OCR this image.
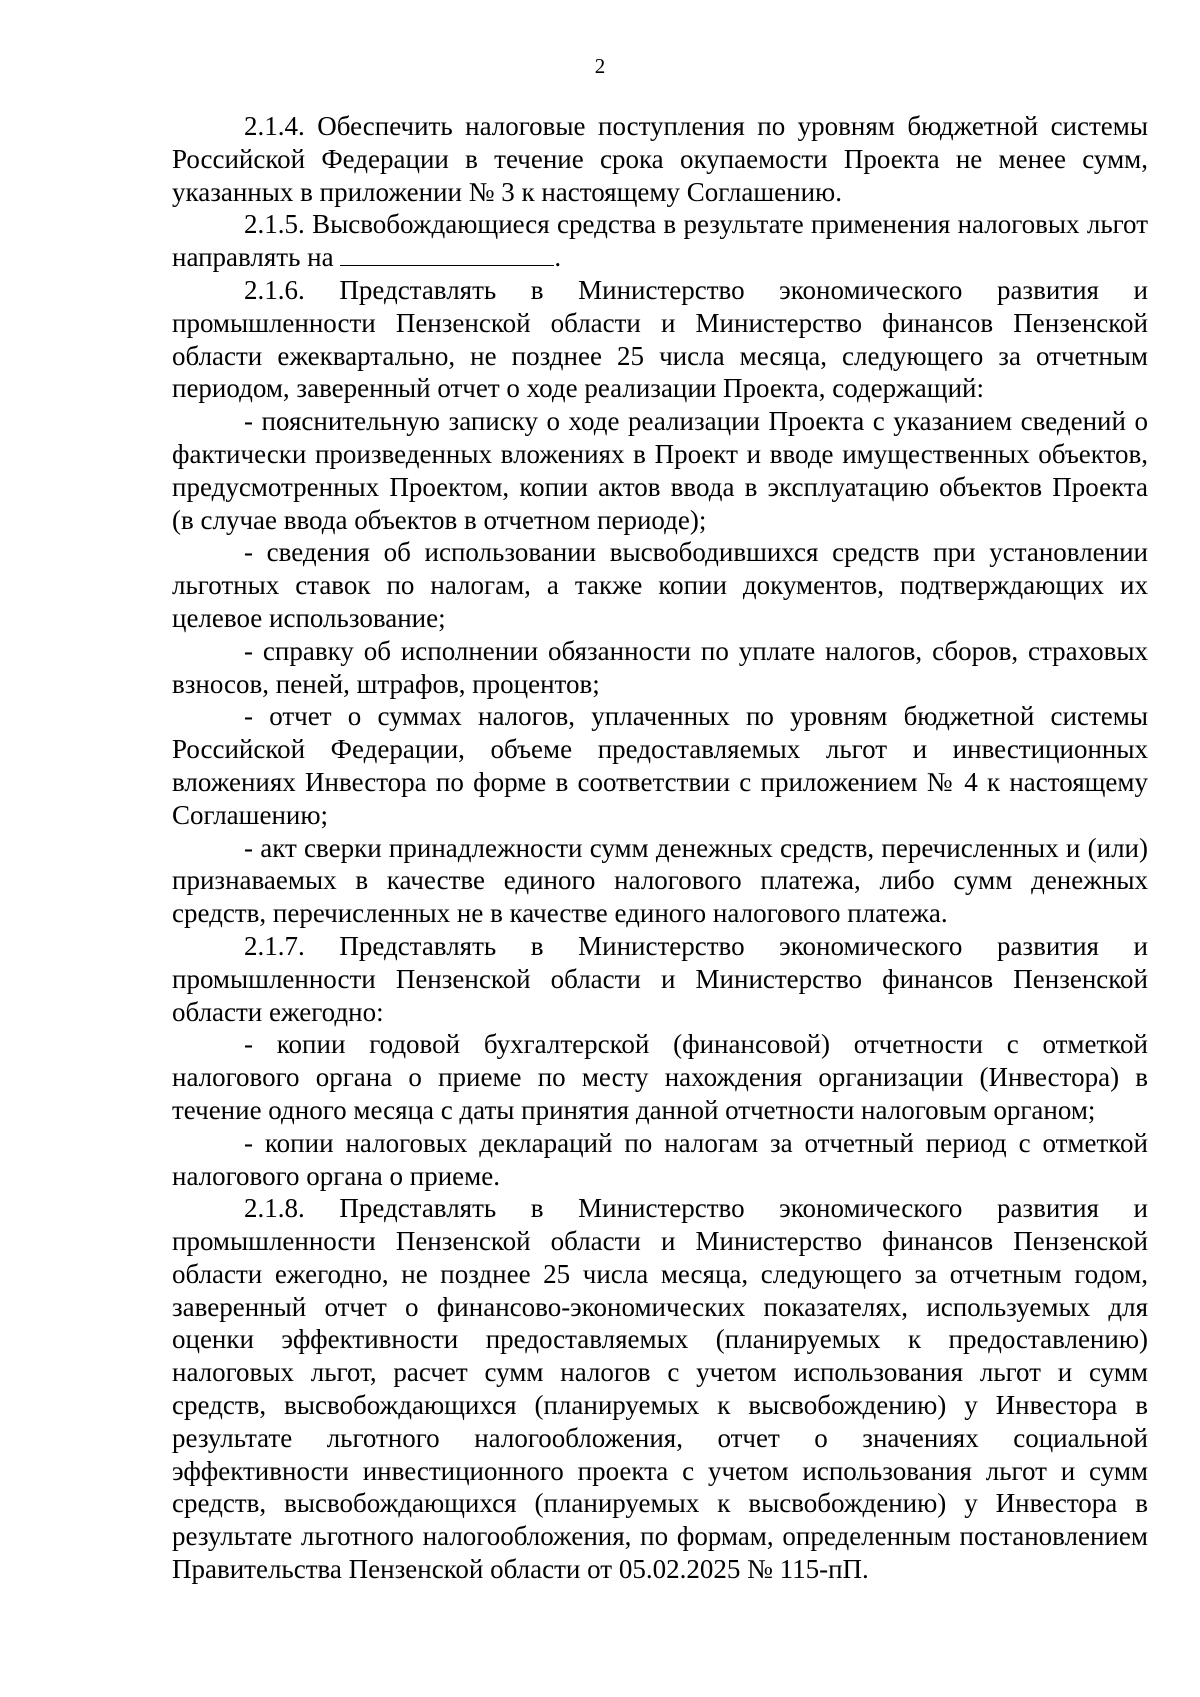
2

2.1.4. Обеспечить налоговые поступления по уровням бюджетной системы Российской Федерации в течение срока окупаемости Проекта не менее сумм, указанных в приложении № 3 к настоящему Соглашению.

2.1.5. Высвобождающиеся средства в результате применения налоговых льгот направлять на	.

2.1.6. Представлять в Министерство экономического развития и промышленности Пензенской области и Министерство финансов Пензенской области ежеквартально, не позднее 25 числа месяца, следующего за отчетным периодом, заверенный отчет о ходе реализации Проекта, содержащий:

- пояснительную записку о ходе реализации Проекта с указанием сведений о фактически произведенных вложениях в Проект и вводе имущественных объектов, предусмотренных Проектом, копии актов ввода в эксплуатацию объектов Проекта (в случае ввода объектов в отчетном периоде);

- сведения об использовании высвободившихся средств при установлении льготных ставок по налогам, а также копии документов, подтверждающих их целевое использование;

- справку об исполнении обязанности по уплате налогов, сборов, страховых взносов, пеней, штрафов, процентов;

- отчет о суммах налогов, уплаченных по уровням бюджетной системы Российской Федерации, объеме предоставляемых льгот и инвестиционных вложениях Инвестора по форме в соответствии с приложением № 4 к настоящему Соглашению;

- акт сверки принадлежности сумм денежных средств, перечисленных и (или) признаваемых в качестве единого налогового платежа, либо сумм денежных средств, перечисленных не в качестве единого налогового платежа.

2.1.7. Представлять в Министерство экономического развития и промышленности Пензенской области и Министерство финансов Пензенской области ежегодно:

- копии годовой бухгалтерской (финансовой) отчетности с отметкой налогового органа о приеме по месту нахождения организации (Инвестора) в течение одного месяца с даты принятия данной отчетности налоговым органом;

- копии налоговых деклараций по налогам за отчетный период с отметкой налогового органа о приеме.

2.1.8. Представлять в Министерство экономического развития и промышленности Пензенской области и Министерство финансов Пензенской области ежегодно, не позднее 25 числа месяца, следующего за отчетным годом, заверенный отчет о финансово-экономических показателях, используемых для оценки эффективности предоставляемых (планируемых к предоставлению) налоговых льгот, расчет сумм налогов с учетом использования льгот и сумм средств, высвобождающихся (планируемых к высвобождению) у Инвестора в результате льготного налогообложения, отчет о значениях социальной эффективности инвестиционного проекта с учетом использования льгот и сумм средств, высвобождающихся (планируемых к высвобождению) у Инвестора в результате льготного налогообложения, по формам, определенным постановлением Правительства Пензенской области от 05.02.2025 № 115-пП.
